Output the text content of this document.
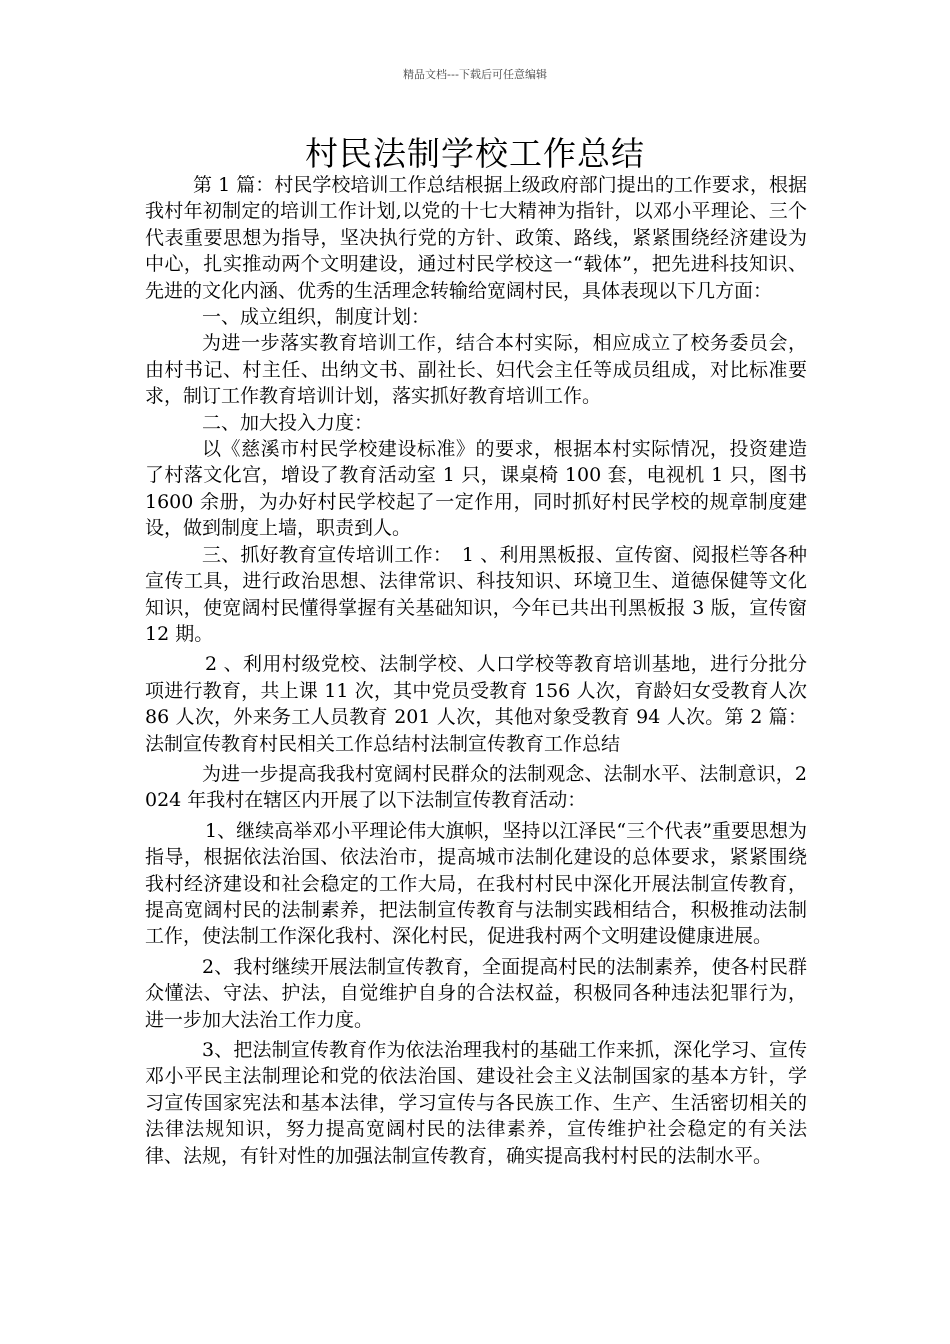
精品文档---下载后可任意编辑
村民法制学校工作总结

第 1 篇：村民学校培训工作总结根据上级政府部门提出的工作要求，根据我村年初制定的培训工作计划,以党的十七大精神为指针，以邓小平理论、三个代表重要思想为指导，坚决执行党的方针、政策、路线，紧紧围绕经济建设为中心，扎实推动两个文明建设，通过村民学校这一“载体”，把先进科技知识、先进的文化内涵、优秀的生活理念转输给宽阔村民，具体表现以下几方面：

一、成立组织，制度计划：

为进一步落实教育培训工作，结合本村实际，相应成立了校务委员会，由村书记、村主任、出纳文书、副社长、妇代会主任等成员组成，对比标准要求，制订工作教育培训计划，落实抓好教育培训工作。

二、加大投入力度：

以《慈溪市村民学校建设标准》的要求，根据本村实际情况，投资建造了村落文化宫，增设了教育活动室 1 只，课桌椅 100 套，电视机 1 只，图书 1600 余册，为办好村民学校起了一定作用，同时抓好村民学校的规章制度建设，做到制度上墙，职责到人。

三、抓好教育宣传培训工作：　1 、利用黑板报、宣传窗、阅报栏等各种宣传工具，进行政治思想、法律常识、科技知识、环境卫生、道德保健等文化知识，使宽阔村民懂得掌握有关基础知识，今年已共出刊黑板报 3 版，宣传窗 12 期。

2 、利用村级党校、法制学校、人口学校等教育培训基地，进行分批分项进行教育，共上课 11 次，其中党员受教育 156 人次，育龄妇女受教育人次 86 人次，外来务工人员教育 201 人次，其他对象受教育 94 人次。第 2 篇：法制宣传教育村民相关工作总结村法制宣传教育工作总结

为进一步提高我我村宽阔村民群众的法制观念、法制水平、法制意识，2024 年我村在辖区内开展了以下法制宣传教育活动：

1、继续高举邓小平理论伟大旗帜，坚持以江泽民“三个代表”重要思想为指导，根据依法治国、依法治市，提高城市法制化建设的总体要求，紧紧围绕我村经济建设和社会稳定的工作大局，在我村村民中深化开展法制宣传教育，提高宽阔村民的法制素养，把法制宣传教育与法制实践相结合，积极推动法制工作，使法制工作深化我村、深化村民，促进我村两个文明建设健康进展。

2、我村继续开展法制宣传教育，全面提高村民的法制素养，使各村民群众懂法、守法、护法，自觉维护自身的合法权益，积极同各种违法犯罪行为，进一步加大法治工作力度。

3、把法制宣传教育作为依法治理我村的基础工作来抓，深化学习、宣传邓小平民主法制理论和党的依法治国、建设社会主义法制国家的基本方针，学习宣传国家宪法和基本法律，学习宣传与各民族工作、生产、生活密切相关的法律法规知识，努力提高宽阔村民的法律素养，宣传维护社会稳定的有关法律、法规，有针对性的加强法制宣传教育，确实提高我村村民的法制水平。
